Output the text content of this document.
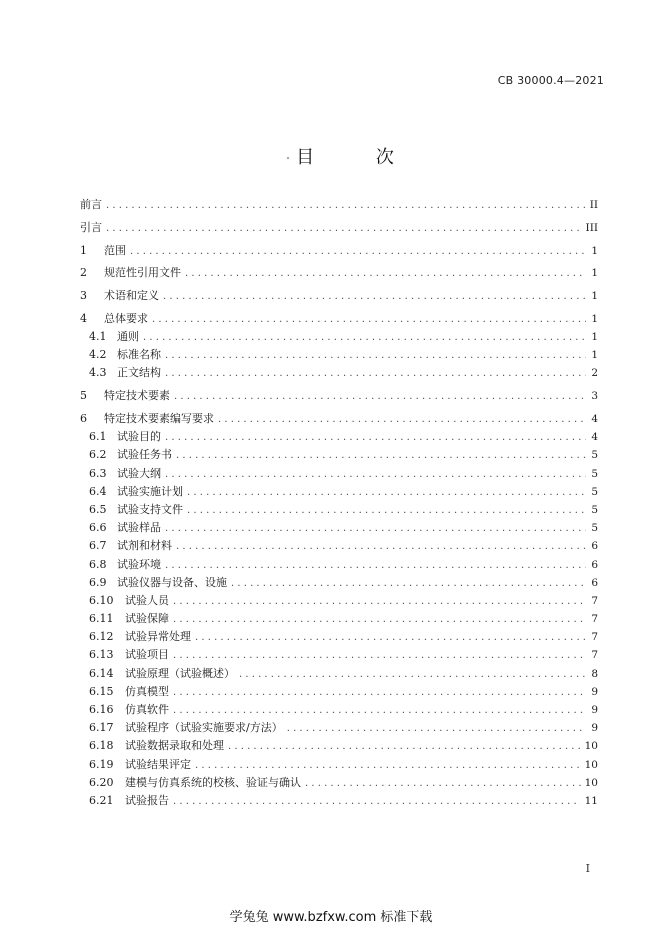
CB 30000.4—2021
目 次
前言 . . .	II
引言 . . .	III
1	范围 . . .	1
2	规范性引用文件 . . .	1
3	术语和定义 . . .	1
4	总体要求 . . .	1
4.1 通则 . . .	1
4.2 标准名称 . . .	1
4.3 正文结构 . . .	2
5	特定技术要素 . . .	3
6	特定技术要素编写要求 . . .	4
6.1 试验目的 . . .	4
6.2 试验任务书 . . .	5
6.3 试验大纲 . . .	5
6.4 试验实施计划 . . .	5
6.5 试验支持文件 . . .	5
6.6 试验样品 . . .	5
6.7 试剂和材料 . . .	6
6.8 试验环境 . . .	6
6.9 试验仪器与设备、设施 . . .	6
6.10	试验人员 . . .	7
6.11	试验保障 . . .	7
6.12	试验异常处理 . . .	7
6.13	试验项目 . . .	7
6.14	试验原理（试验概述） . . .	8
6.15	仿真模型 . . .	9
6.16	仿真软件 . . .	9
6.17	试验程序（试验实施要求/方法） . . .	9
6.18	试验数据录取和处理 . . .	10
6.19	试验结果评定 . . .	10
6.20	建模与仿真系统的校核、验证与确认 . . .	10
6.21	试验报告 . . .	11
I
学兔兔 www.bzfxw.com 标准下载
